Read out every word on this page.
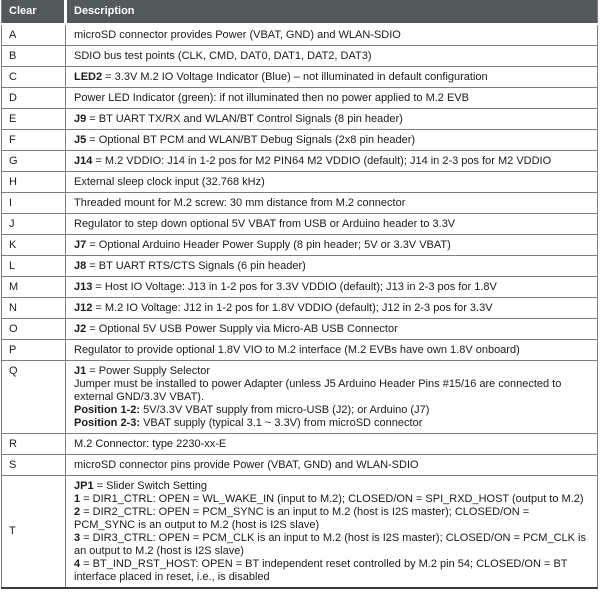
Clear	Description
A	microSD connector provides Power (VBAT, GND) and WLAN-SDIO

B	SDIO bus test points (CLK, CMD, DAT0, DAT1, DAT2, DAT3)

C	LED2 = 3.3V M.2 IO Voltage Indicator (Blue) – not illuminated in default configuration

D	Power LED Indicator (green): if not illuminated then no power applied to M.2 EVB

E	J9 = BT UART TX/RX and WLAN/BT Control Signals (8 pin header)

F	J5 = Optional BT PCM and WLAN/BT Debug Signals (2x8 pin header)

G	J14 = M.2 VDDIO: J14 in 1-2 pos for M2 PIN64 M2 VDDIO (default); J14 in 2-3 pos for M2 VDDIO

H	External sleep clock input (32.768 kHz)

I	Threaded mount for M.2 screw: 30 mm distance from M.2 connector

J	Regulator to step down optional 5V VBAT from USB or Arduino header to 3.3V

K	J7 = Optional Arduino Header Power Supply (8 pin header; 5V or 3.3V VBAT)

L	J8 = BT UART RTS/CTS Signals (6 pin header)

M	J13 = Host IO Voltage: J13 in 1-2 pos for 3.3V VDDIO (default); J13 in 2-3 pos for 1.8V

N	J12 = M.2 IO Voltage: J12 in 1-2 pos for 1.8V VDDIO (default); J12 in 2-3 pos for 3.3V

O	J2 = Optional 5V USB Power Supply via Micro-AB USB Connector

P	Regulator to provide optional 1.8V VIO to M.2 interface (M.2 EVBs have own 1.8V onboard)

Q	J1 = Power Supply Selector
Jumper must be installed to power Adapter (unless J5 Arduino Header Pins #15/16 are connected to external GND/3.3V VBAT).
Position 1-2: 5V/3.3V VBAT supply from micro-USB (J2); or Arduino (J7)
Position 2-3: VBAT supply (typical 3.1 ~ 3.3V) from microSD connector

R	M.2 Connector: type 2230-xx-E

S	microSD connector pins provide Power (VBAT, GND) and WLAN-SDIO

T	JP1 = Slider Switch Setting
1 = DIR1_CTRL: OPEN = WL_WAKE_IN (input to M.2); CLOSED/ON = SPI_RXD_HOST (output to M.2)
2 = DIR2_CTRL: OPEN = PCM_SYNC is an input to M.2 (host is I2S master); CLOSED/ON = PCM_SYNC is an output to M.2 (host is I2S slave)
3 = DIR3_CTRL: OPEN = PCM_CLK is an input to M.2 (host is I2S master); CLOSED/ON = PCM_CLK is an output to M.2 (host is I2S slave)
4 = BT_IND_RST_HOST: OPEN = BT independent reset controlled by M.2 pin 54; CLOSED/ON = BT interface placed in reset, i.e., is disabled
